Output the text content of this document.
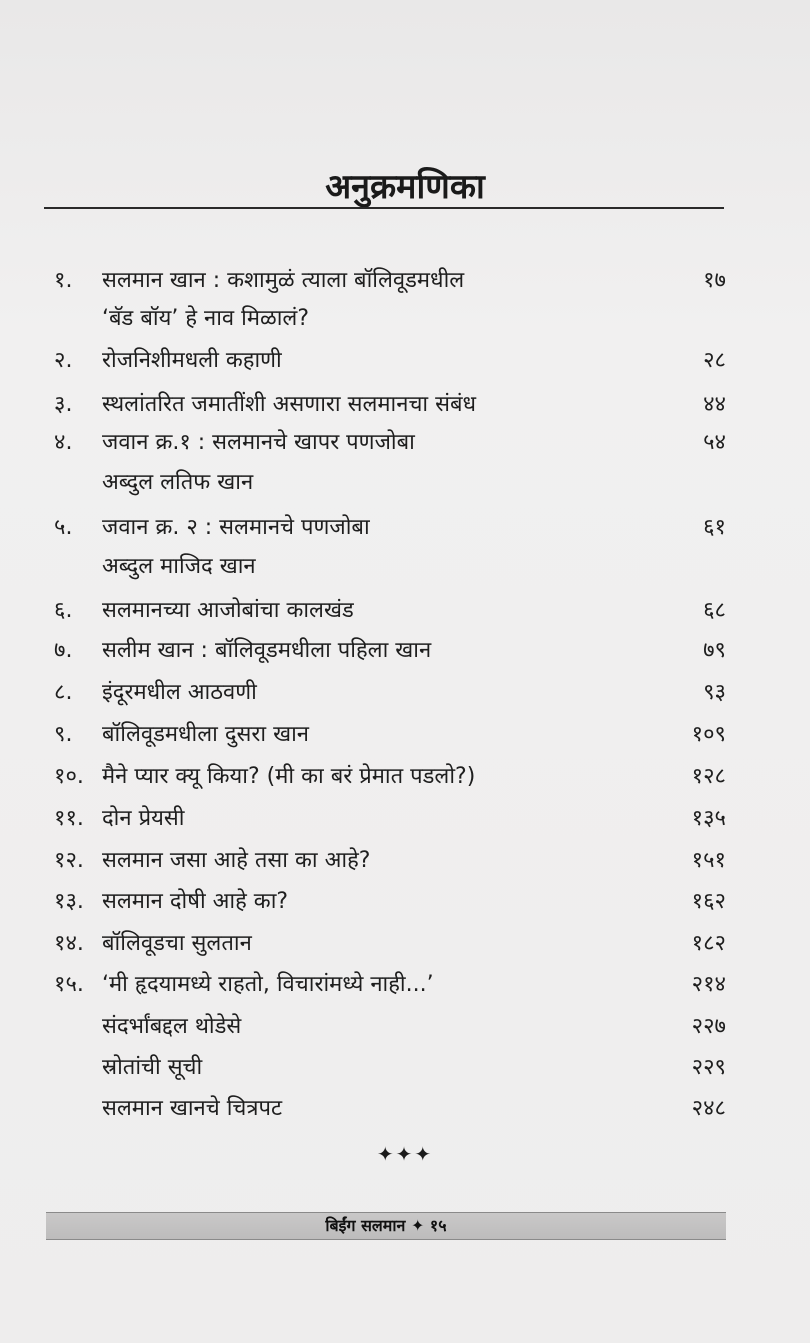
अनुक्रमणिका
१. सलमान खान : कशामुळं त्याला बॉलिवूडमधील	१७
‘बॅड बॉय’ हे नाव मिळालं?
२. रोजनिशीमधली कहाणी	२८
३. स्थलांतरित जमातींशी असणारा सलमानचा संबंध	४४
४. जवान क्र.१ : सलमानचे खापर पणजोबा	५४
अब्दुल लतिफ खान
५. जवान क्र. २ : सलमानचे पणजोबा	६१
अब्दुल माजिद खान
६. सलमानच्या आजोबांचा कालखंड	६८
७. सलीम खान : बॉलिवूडमधीला पहिला खान	७९
८. इंदूरमधील आठवणी	९३
९. बॉलिवूडमधीला दुसरा खान	१०९
१०. मैने प्यार क्यू किया? (मी का बरं प्रेमात पडलो?)	१२८
११. दोन प्रेयसी	१३५
१२. सलमान जसा आहे तसा का आहे?	१५१
१३. सलमान दोषी आहे का?	१६२
१४. बॉलिवूडचा सुलतान	१८२
१५. ‘मी हृदयामध्ये राहतो, विचारांमध्ये नाही...’	२१४
संदर्भांबद्दल थोडेसे	२२७
स्रोतांची सूची	२२९
सलमान खानचे चित्रपट	२४८
✦✦✦
बिईंग सलमान ✦ १५
